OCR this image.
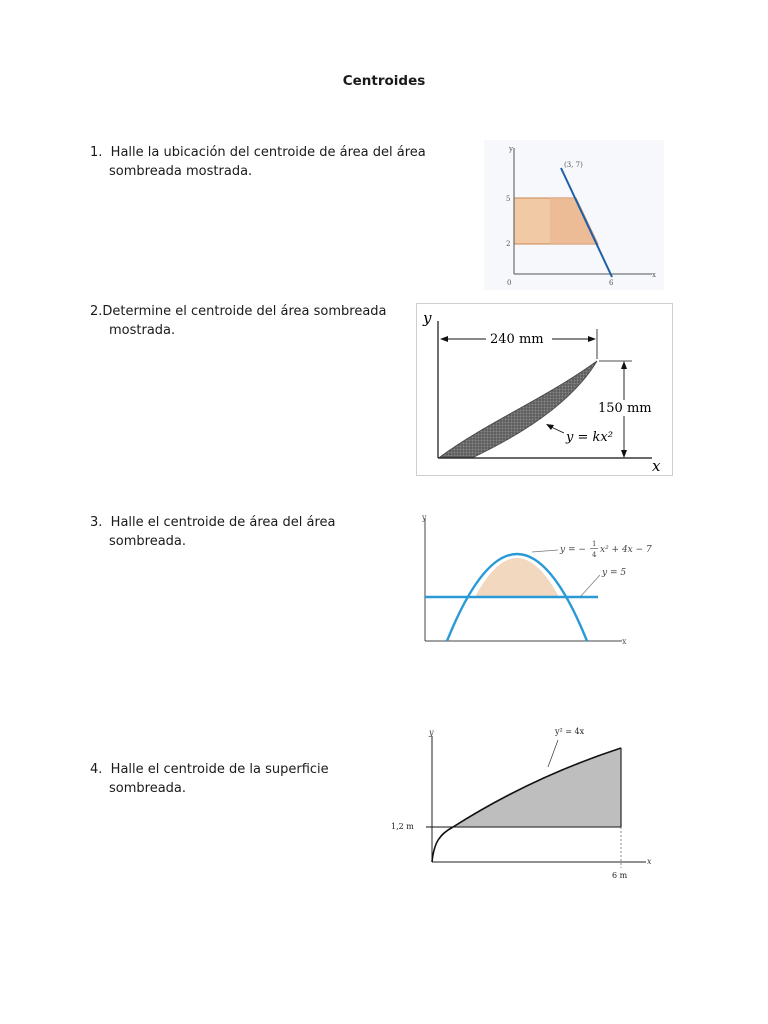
Centroides
1. Halle la ubicación del centroide de área del área
sombreada mostrada.
y
x
(3, 7)
5
2
0	6
2.Determine el centroide del área sombreada
mostrada.
y
x
240 mm
150 mm
y = kx²
3. Halle el centroide de área del área
sombreada.
y
x
y = −
1
4 x² + 4x − 7
y = 5
4. Halle el centroide de la superficie
sombreada.
y
x
1,2 m
6 m
y² = 4x
